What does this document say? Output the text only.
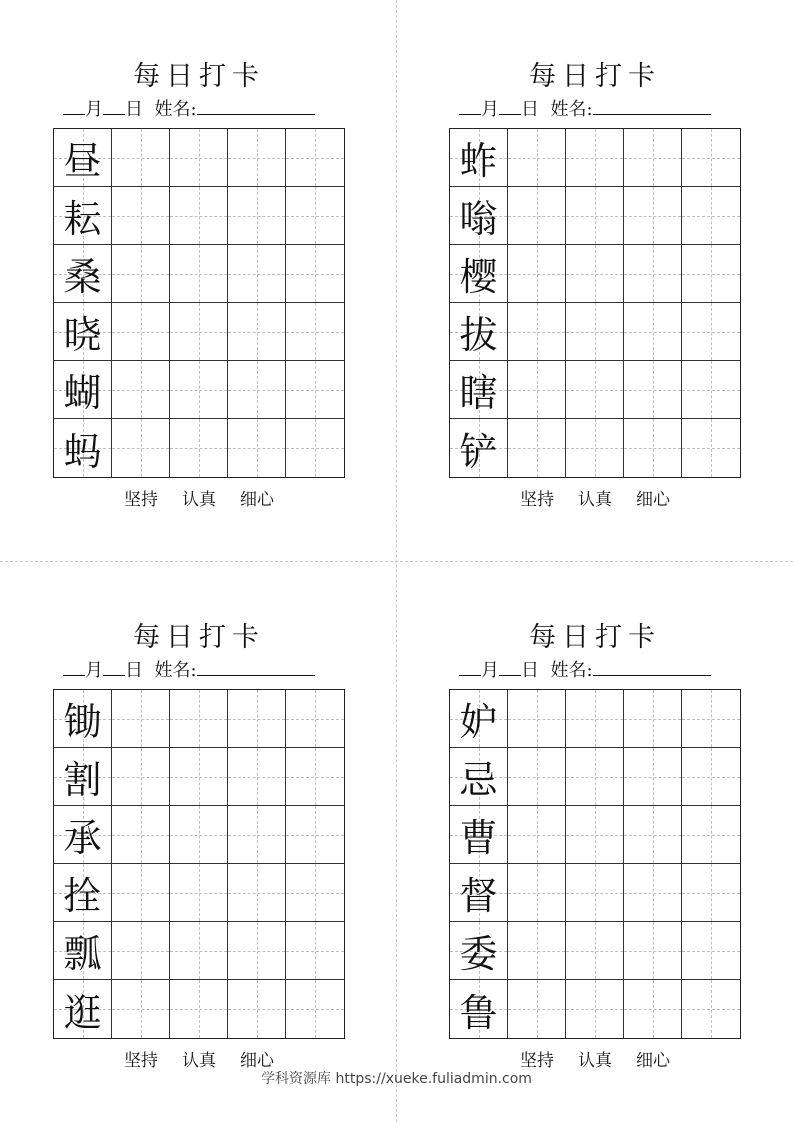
每日打卡
月 日 姓名:
昼
耘
桑
晓
蝴
蚂
坚持 认真 细心
每日打卡
月 日 姓名:
蚱
嗡
樱
拔
瞎
铲
坚持 认真 细心
每日打卡
月 日 姓名:
锄
割
承
拴
瓢
逛
坚持 认真 细心
每日打卡
月 日 姓名:
妒
忌
曹
督
委
鲁
坚持 认真 细心
学科资源库 https://xueke.fuliadmin.com
